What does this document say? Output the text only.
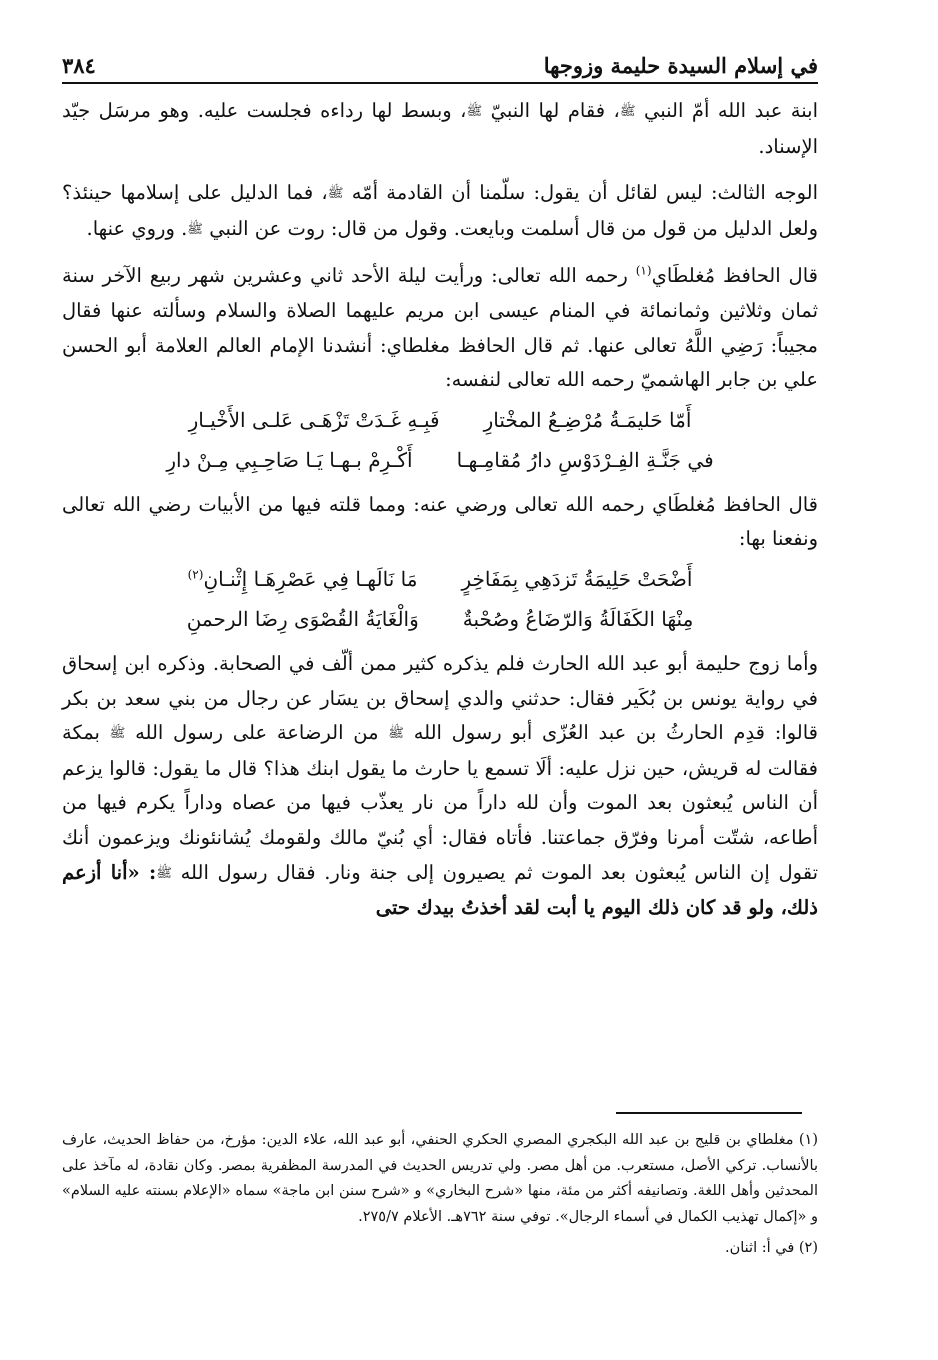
في إسلام السيدة حليمة وزوجها
٣٨٤

ابنة عبد الله أمّ النبي ﷺ، فقام لها النبيّ ﷺ، وبسط لها رداءه فجلست عليه. وهو مرسَل جيّد الإسناد.

الوجه الثالث: ليس لقائل أن يقول: سلّمنا أن القادمة أمّه ﷺ، فما الدليل على إسلامها حينئذ؟ ولعل الدليل من قول من قال أسلمت وبايعت. وقول من قال: روت عن النبي ﷺ. وروي عنها.

قال الحافظ مُغلطَاي$^{(١)}$ رحمه الله تعالى: ورأيت ليلة الأحد ثاني وعشرين شهر ربيع الآخر سنة ثمان وثلاثين وثمانمائة في المنام عيسى ابن مريم عليهما الصلاة والسلام وسألته عنها فقال مجيباً: رَضِي اللَّهُ تعالى عنها. ثم قال الحافظ مغلطاي: أنشدنا الإمام العالم العلامة أبو الحسن علي بن جابر الهاشميّ رحمه الله تعالى لنفسه:

أَمّا حَليمَـةُ مُرْضِـعُ المخْتارِ
فَبِـهِ غَـدَتْ تَزْهَـى عَلـى الأَخْيـارِ

في جَنَّـةِ الفِـرْدَوْسِ دارُ مُقامِـهـا
أَكْـرِمْ بـهـا يَـا صَاحِـبِي مِـنْ دارِ

قال الحافظ مُغلطَاي رحمه الله تعالى ورضي عنه: ومما قلته فيها من الأبيات رضي الله تعالى ونفعنا بها:

أَضْحَتْ حَلِيمَةُ تَزدَهِي بِمَفَاخِرٍ
مَا نَالَهـا فِي عَصْرِهَـا إِثْنـانِ$^{(٢)}$

مِنْهَا الكَفَالَةُ وَالرّضَاعُ وصُحْبةٌ
وَالْغَايَةُ القُصْوَى رِضَا الرحمنِ

وأما زوج حليمة أبو عبد الله الحارث فلم يذكره كثير ممن ألّف في الصحابة. وذكره ابن إسحاق في رواية يونس بن بُكَير فقال: حدثني والدي إسحاق بن يسَار عن رجال من بني سعد بن بكر قالوا: قدِم الحارثُ بن عبد العُزّى أبو رسول الله ﷺ من الرضاعة على رسول الله ﷺ بمكة فقالت له قريش، حين نزل عليه: ألَا تسمع يا حارث ما يقول ابنك هذا؟ قال ما يقول: قالوا يزعم أن الناس يُبعثون بعد الموت وأن لله داراً من نار يعذّب فيها من عصاه وداراً يكرم فيها من أطاعه، شتّت أمرنا وفرّق جماعتنا. فأتاه فقال: أي بُنيّ مالك ولقومك يُشانئونك ويزعمون أنك تقول إن الناس يُبعثون بعد الموت ثم يصيرون إلى جنة ونار. فقال رسول الله ﷺ: «أنا أزعم ذلك، ولو قد كان ذلك اليوم يا أبت لقد أخذتُ بيدك حتى

(١) مغلطاي بن قليج بن عبد الله البكجري المصري الحكري الحنفي، أبو عبد الله، علاء الدين: مؤرخ، من حفاظ الحديث، عارف بالأنساب. تركي الأصل، مستعرب. من أهل مصر. ولي تدريس الحديث في المدرسة المظفرية بمصر. وكان نقادة، له مآخذ على المحدثين وأهل اللغة. وتصانيفه أكثر من مئة، منها «شرح البخاري» و «شرح سنن ابن ماجة» سماه «الإعلام بسنته عليه السلام» و «إكمال تهذيب الكمال في أسماء الرجال». توفي سنة ٧٦٢هـ. الأعلام ٢٧٥/٧.

(٢) في أ: اثنان.
